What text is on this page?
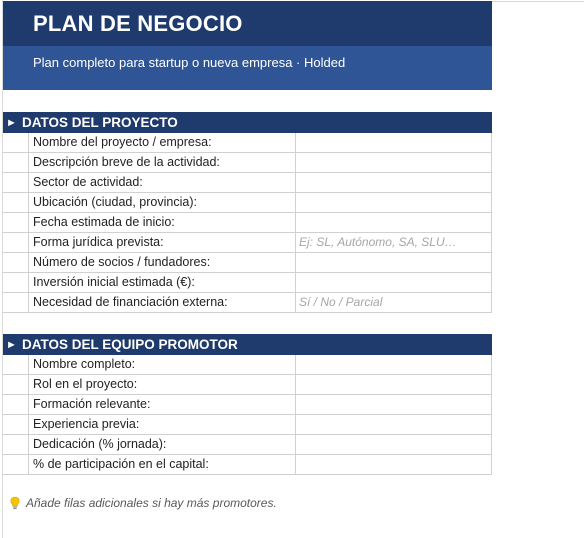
PLAN DE NEGOCIO
Plan completo para startup o nueva empresa · Holded
► DATOS DEL PROYECTO
Nombre del proyecto / empresa:
Descripción breve de la actividad:
Sector de actividad:
Ubicación (ciudad, provincia):
Fecha estimada de inicio:
Forma jurídica prevista:	Ej: SL, Autónomo, SA, SLU…
Número de socios / fundadores:
Inversión inicial estimada (€):
Necesidad de financiación externa:	Sí / No / Parcial
► DATOS DEL EQUIPO PROMOTOR
Nombre completo:
Rol en el proyecto:
Formación relevante:
Experiencia previa:
Dedicación (% jornada):
% de participación en el capital:
Añade filas adicionales si hay más promotores.
